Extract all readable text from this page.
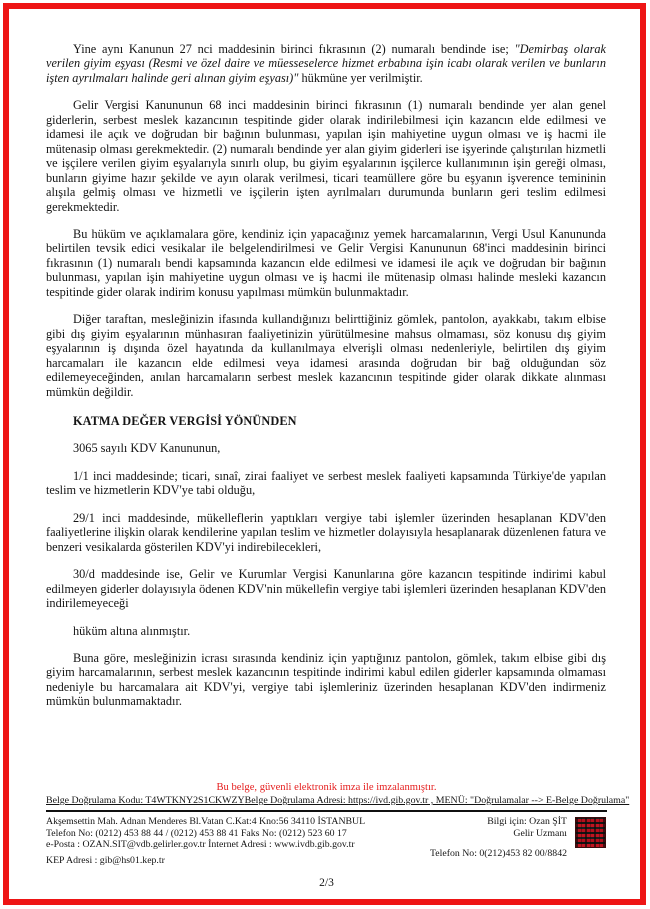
Yine aynı Kanunun 27 nci maddesinin birinci fıkrasının (2) numaralı bendinde ise; "Demirbaş olarak verilen giyim eşyası (Resmi ve özel daire ve müesseselerce hizmet erbabına işin icabı olarak verilen ve bunların işten ayrılmaları halinde geri alınan giyim eşyası)" hükmüne yer verilmiştir.

Gelir Vergisi Kanununun 68 inci maddesinin birinci fıkrasının (1) numaralı bendinde yer alan genel giderlerin, serbest meslek kazancının tespitinde gider olarak indirilebilmesi için kazancın elde edilmesi ve idamesi ile açık ve doğrudan bir bağının bulunması, yapılan işin mahiyetine uygun olması ve iş hacmi ile mütenasip olması gerekmektedir. (2) numaralı bendinde yer alan giyim giderleri ise işyerinde çalıştırılan hizmetli ve işçilere verilen giyim eşyalarıyla sınırlı olup, bu giyim eşyalarının işçilerce kullanımının işin gereği olması, bunların giyime hazır şekilde ve ayın olarak verilmesi, ticari teamüllere göre bu eşyanın işverence temininin alışıla gelmiş olması ve hizmetli ve işçilerin işten ayrılmaları durumunda bunların geri teslim edilmesi gerekmektedir.

Bu hüküm ve açıklamalara göre, kendiniz için yapacağınız yemek harcamalarının, Vergi Usul Kanununda belirtilen tevsik edici vesikalar ile belgelendirilmesi ve Gelir Vergisi Kanununun 68'inci maddesinin birinci fıkrasının (1) numaralı bendi kapsamında kazancın elde edilmesi ve idamesi ile açık ve doğrudan bir bağının bulunması, yapılan işin mahiyetine uygun olması ve iş hacmi ile mütenasip olması halinde mesleki kazancın tespitinde gider olarak indirim konusu yapılması mümkün bulunmaktadır.

Diğer taraftan, mesleğinizin ifasında kullandığınızı belirttiğiniz gömlek, pantolon, ayakkabı, takım elbise gibi dış giyim eşyalarının münhasıran faaliyetinizin yürütülmesine mahsus olmaması, söz konusu dış giyim eşyalarının iş dışında özel hayatında da kullanılmaya elverişli olması nedenleriyle, belirtilen dış giyim harcamaları ile kazancın elde edilmesi veya idamesi arasında doğrudan bir bağ olduğundan söz edilemeyeceğinden, anılan harcamaların serbest meslek kazancının tespitinde gider olarak dikkate alınması mümkün değildir.

KATMA DEĞER VERGİSİ YÖNÜNDEN

3065 sayılı KDV Kanununun,

1/1 inci maddesinde; ticari, sınaî, zirai faaliyet ve serbest meslek faaliyeti kapsamında Türkiye'de yapılan teslim ve hizmetlerin KDV'ye tabi olduğu,

29/1 inci maddesinde, mükelleflerin yaptıkları vergiye tabi işlemler üzerinden hesaplanan KDV'den faaliyetlerine ilişkin olarak kendilerine yapılan teslim ve hizmetler dolayısıyla hesaplanarak düzenlenen fatura ve benzeri vesikalarda gösterilen KDV'yi indirebilecekleri,

30/d maddesinde ise, Gelir ve Kurumlar Vergisi Kanunlarına göre kazancın tespitinde indirimi kabul edilmeyen giderler dolayısıyla ödenen KDV'nin mükellefin vergiye tabi işlemleri üzerinden hesaplanan KDV'den indirilemeyeceği

hüküm altına alınmıştır.

Buna göre, mesleğinizin icrası sırasında kendiniz için yaptığınız pantolon, gömlek, takım elbise gibi dış giyim harcamalarının, serbest meslek kazancının tespitinde indirimi kabul edilen giderler kapsamında olmaması nedeniyle bu harcamalara ait KDV'yi, vergiye tabi işlemleriniz üzerinden hesaplanan KDV'den indirmeniz mümkün bulunmamaktadır.

Bu belge, güvenli elektronik imza ile imzalanmıştır.
Belge Doğrulama Kodu: T4WTKNY2S1CKWZY Belge Doğrulama Adresi: https://ivd.gib.gov.tr , MENÜ: "Doğrulamalar --> E-Belge Doğrulama"
Akşemsettin Mah. Adnan Menderes Bl.Vatan C.Kat:4 Kno:56 34110 İSTANBUL
Telefon No: (0212) 453 88 44 / (0212) 453 88 41 Faks No: (0212) 523 60 17
e-Posta : OZAN.SIT@vdb.gelirler.gov.tr İnternet Adresi : www.ivdb.gib.gov.tr
KEP Adresi : gib@hs01.kep.tr
Bilgi için: Ozan ŞİT
Gelir Uzmanı
Telefon No: 0(212)453 82 00/8842
2/3
